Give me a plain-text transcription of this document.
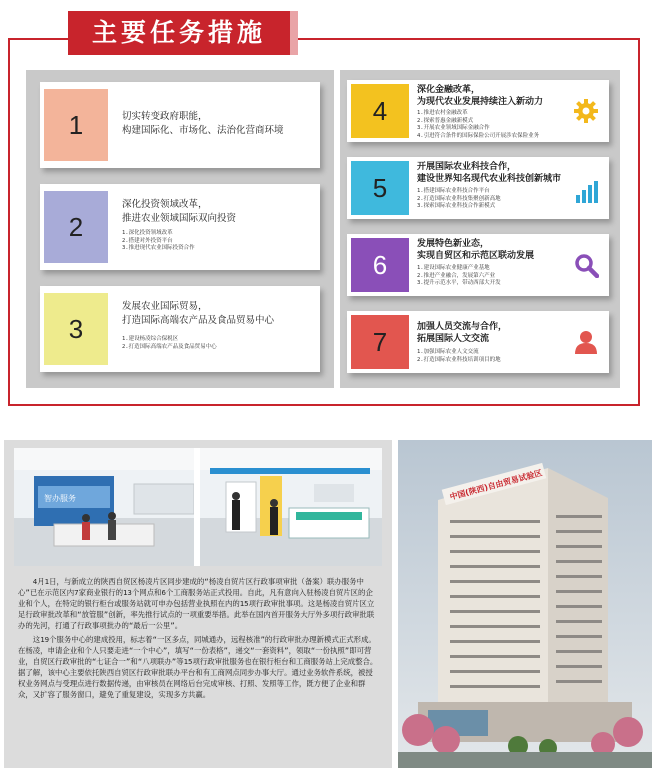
主要任务措施
1	切实转变政府职能，
构建国际化、市场化、法治化营商环境
2
深化投资领域改革，
推进农业领域国际双向投资
1.深化投资领域改革
2.搭建对外投资平台
3.推进现代农业国际投资合作
3
发展农业国际贸易，
打造国际高端农产品及食品贸易中心
1.建设杨凌综合保税区
2.打造国际高端农产品及食品贸易中心
4
深化金融改革，
为现代农业发展持续注入新动力
1.推进农村金融改革
2.探索普惠金融新模式
3.开展农业领域国际金融合作
4.引进符合条件的国际保险公司开展涉农保险业务
5
开展国际农业科技合作，
建设世界知名现代农业科技创新城市
1.搭建国际农业科技合作平台
2.打造国际农业科技集聚创新高地
3.探索国际农业科技合作新模式
6
发展特色新业态，
实现自贸区和示范区联动发展
1.建设国际农业健康产业基地
2.推进产业融合，发展第六产业
3.提升示范水平，带动西部大开发
7	加强人员交流与合作，
拓展国际人文交流
1.加强国际农业人文交流
2.打造国际农业科技培训项目的地
智办服务

4月1日，与新成立的陕西自贸区杨凌片区同步建成的“杨凌自贸片区行政事项审批（备案）联办服务中心”已在示范区内7家商业银行的13个网点和6个工商服务站正式投用。自此，凡有意向入驻杨凌自贸片区的企业和个人，在特定的银行柜台或服务站就可申办包括营业执照在内的15项行政审批事项。这是杨凌自贸片区立足行政审批改革和“放管服”创新，率先推行试点的一项重要举措。此举在国内首开服务大厅外多项行政审批联办的先河，打通了行政事项批办的“最后一公里”。

这19个服务中心的建成投用，标志着“一区多点，同城通办，远程核准”的行政审批办理新模式正式形成。在杨凌，申请企业和个人只要走进“一个中心”，填写“一份表格”，递交“一套资料”，领取“一份执照”即可营业，自贸区行政审批的“七证合一”和“八项联办”等15项行政审批服务也在银行柜台和工商服务站上完成整合。据了解，该中心主要依托陕西自贸区行政审批联办平台和有工商网点同步办事大厅。通过业务软件系统，被授权业务网点与受理点进行数据传递，由审核员在网络后台完成审核、打照、发照等工作，既方便了企业和群众，又扩容了服务窗口，避免了重复建设，实现多方共赢。

中国(陕西)自由贸易试验区
